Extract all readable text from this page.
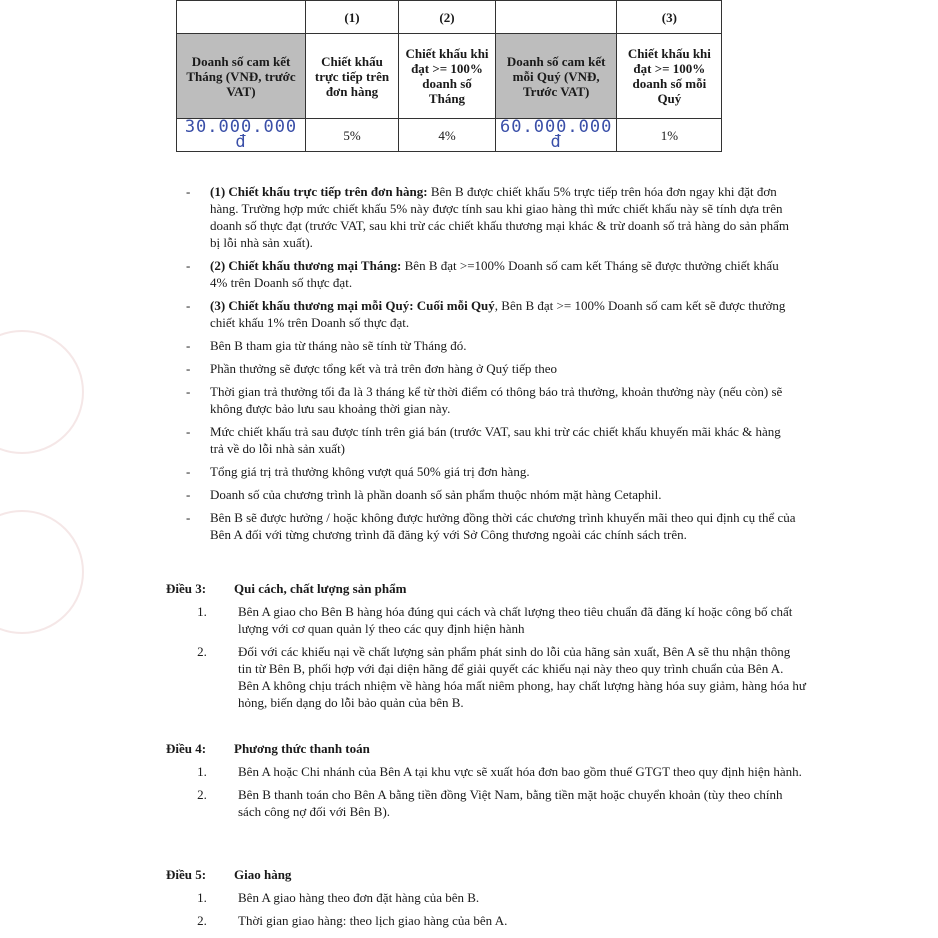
	(1)	(2)		(3)
Doanh số cam kết Tháng (VNĐ, trước VAT)	Chiết khấu trực tiếp trên đơn hàng	Chiết khấu khi đạt >= 100% doanh số Tháng	Doanh số cam kết mỗi Quý (VNĐ, Trước VAT)	Chiết khấu khi đạt >= 100% doanh số mỗi Quý
30.000.000 đ	5%	4%	60.000.000 đ	1%
- (1) Chiết khấu trực tiếp trên đơn hàng: Bên B được chiết khấu 5% trực tiếp trên hóa đơn ngay khi đặt đơn hàng. Trường hợp mức chiết khấu 5% này được tính sau khi giao hàng thì mức chiết khấu này sẽ tính dựa trên doanh số thực đạt (trước VAT, sau khi trừ các chiết khấu thương mại khác & trừ doanh số trả hàng do sản phẩm bị lỗi nhà sản xuất).
- (2) Chiết khấu thương mại Tháng: Bên B đạt >=100% Doanh số cam kết Tháng sẽ được thưởng chiết khấu 4% trên Doanh số thực đạt.
- (3) Chiết khấu thương mại mỗi Quý: Cuối mỗi Quý, Bên B đạt >= 100% Doanh số cam kết sẽ được thưởng chiết khấu 1% trên Doanh số thực đạt.
- Bên B tham gia từ tháng nào sẽ tính từ Tháng đó.
- Phần thưởng sẽ được tổng kết và trả trên đơn hàng ở Quý tiếp theo
- Thời gian trả thưởng tối đa là 3 tháng kể từ thời điểm có thông báo trả thưởng, khoản thưởng này (nếu còn) sẽ không được bảo lưu sau khoảng thời gian này.
- Mức chiết khấu trả sau được tính trên giá bán (trước VAT, sau khi trừ các chiết khấu khuyến mãi khác & hàng trả về do lỗi nhà sản xuất)
- Tổng giá trị trả thưởng không vượt quá 50% giá trị đơn hàng.
- Doanh số của chương trình là phần doanh số sản phẩm thuộc nhóm mặt hàng Cetaphil.
- Bên B sẽ được hưởng / hoặc không được hưởng đồng thời các chương trình khuyến mãi theo qui định cụ thể của Bên A đối với từng chương trình đã đăng ký với Sở Công thương ngoài các chính sách trên.
Điều 3:	Qui cách, chất lượng sản phẩm
1.	Bên A giao cho Bên B hàng hóa đúng qui cách và chất lượng theo tiêu chuẩn đã đăng kí hoặc công bố chất lượng với cơ quan quản lý theo các quy định hiện hành
2.	Đối với các khiếu nại về chất lượng sản phẩm phát sinh do lỗi của hãng sản xuất, Bên A sẽ thu nhận thông tin từ Bên B, phối hợp với đại diện hãng để giải quyết các khiếu nại này theo quy trình chuẩn của Bên A. Bên A không chịu trách nhiệm về hàng hóa mất niêm phong, hay chất lượng hàng hóa suy giảm, hàng hóa hư hỏng, biến dạng do lỗi bảo quản của bên B.
Điều 4:	Phương thức thanh toán
1.	Bên A hoặc Chi nhánh của Bên A tại khu vực sẽ xuất hóa đơn bao gồm thuế GTGT theo quy định hiện hành.
2.	Bên B thanh toán cho Bên A bằng tiền đồng Việt Nam, bằng tiền mặt hoặc chuyển khoản (tùy theo chính sách công nợ đối với Bên B).
Điều 5:	Giao hàng
1.	Bên A giao hàng theo đơn đặt hàng của bên B.
2.	Thời gian giao hàng: theo lịch giao hàng của bên A.
